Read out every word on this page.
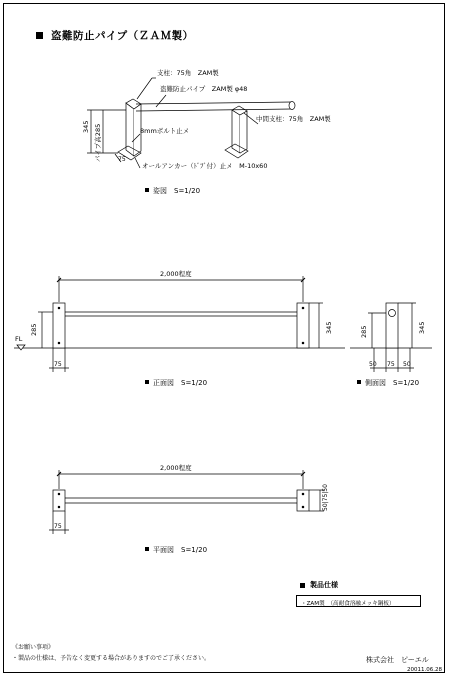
盗難防止パイプ（ＺＡＭ製）
支柱：75角　ZAM製
盗難防止パイプ　ZAM製 φ48
中間支柱：75角　ZAM製
8mmボルト止メ
オールアンカー（ﾄﾞﾌﾞ付）止メ　M-10x60
345 パイプ高285	75
姿図　S=1/20
2,000程度
285	345
75
FL
正面図　S=1/20
285	345
50 75 50
側面図　S=1/20
2,000程度
75
50|75|50
平面図　S=1/20
製品仕様
・ZAM製　（高耐食溶融メッキ鋼板）
《お願い事項》
・製品の仕様は、予告なく変更する場合がありますのでご了承ください。	株式会社　ピーエル
20011.06.28
